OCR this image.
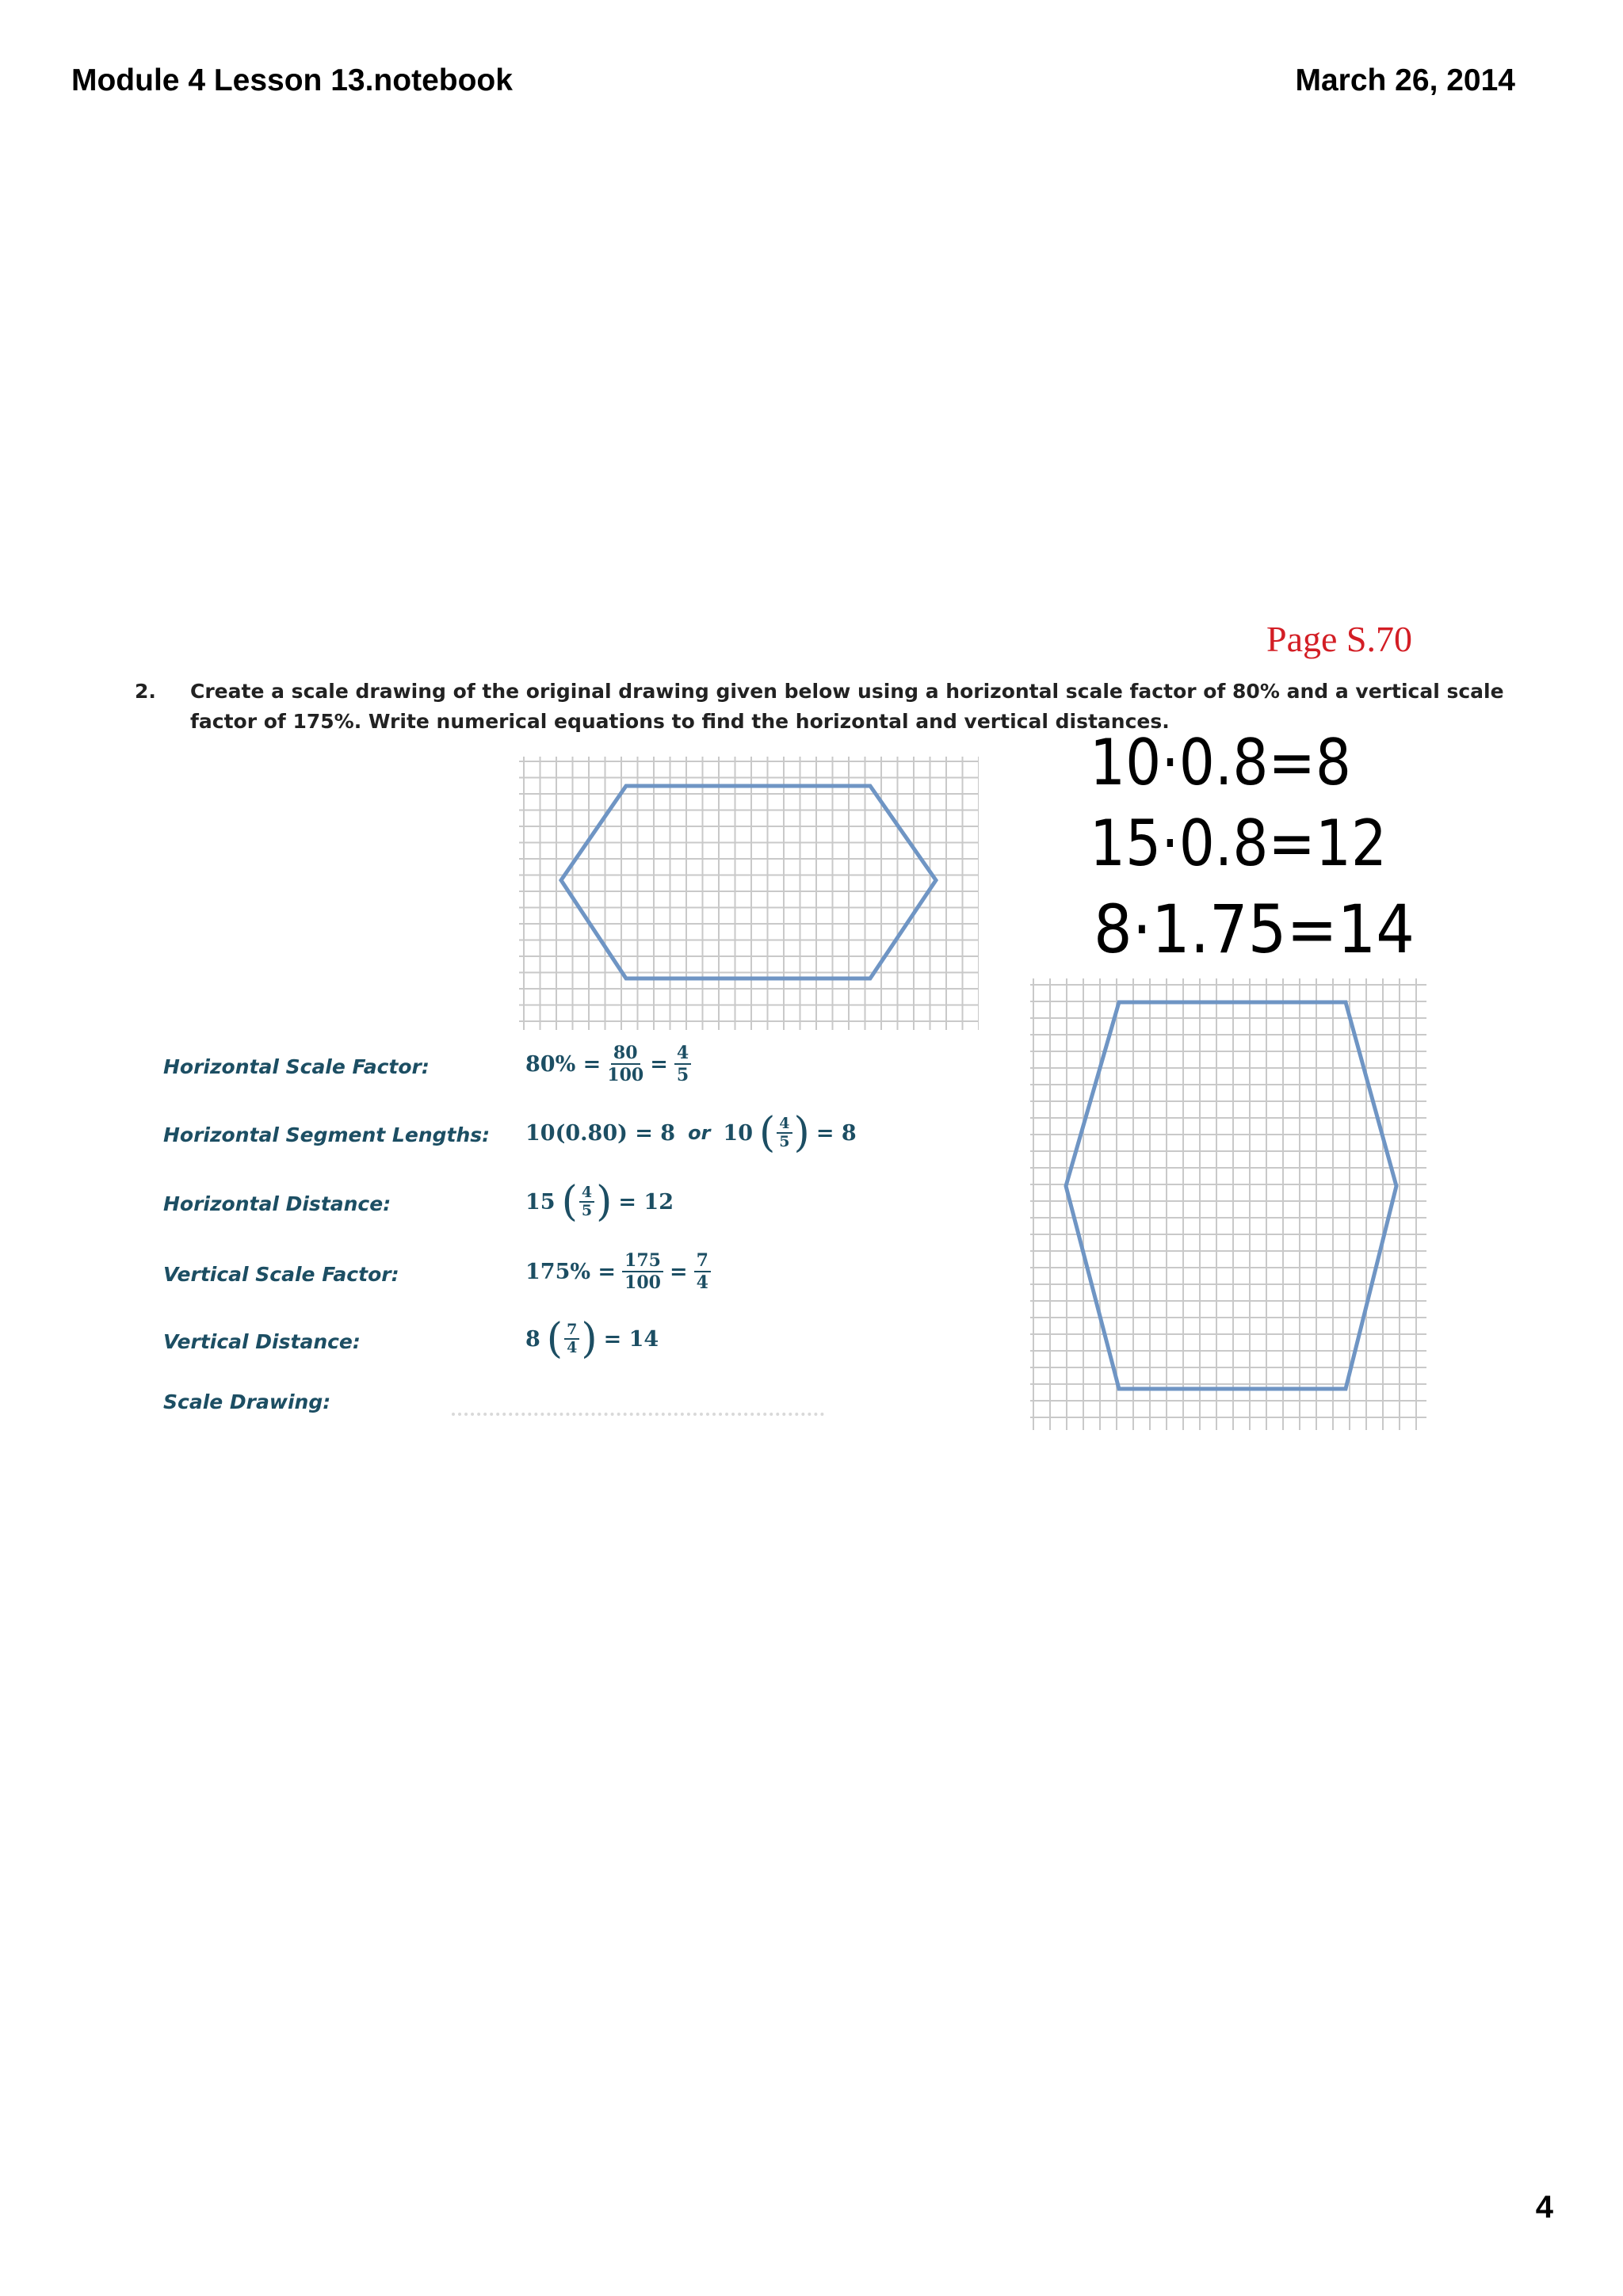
Module 4 Lesson 13.notebook	March 26, 2014
Page S.70
2. Create a scale drawing of the original drawing given below using a horizontal scale factor of 80% and a vertical scale
factor of 175%. Write numerical equations to find the horizontal and vertical distances.
10·0.8=8
15·0.8=12
8·1.75=14
Horizontal Scale Factor:	$80\% = \frac{80}{100} = \frac{4}{5}$
Horizontal Segment Lengths: 10(0.80) = 8 or 10 ( $\frac{4}{5}$ ) = 8
Horizontal Distance:	15 ( $\frac{4}{5}$ ) = 12
Vertical Scale Factor:	$175\% = \frac{175}{100} = \frac{7}{4}$
Vertical Distance:	8 ( $\frac{7}{4}$ ) = 14
Scale Drawing:
4
